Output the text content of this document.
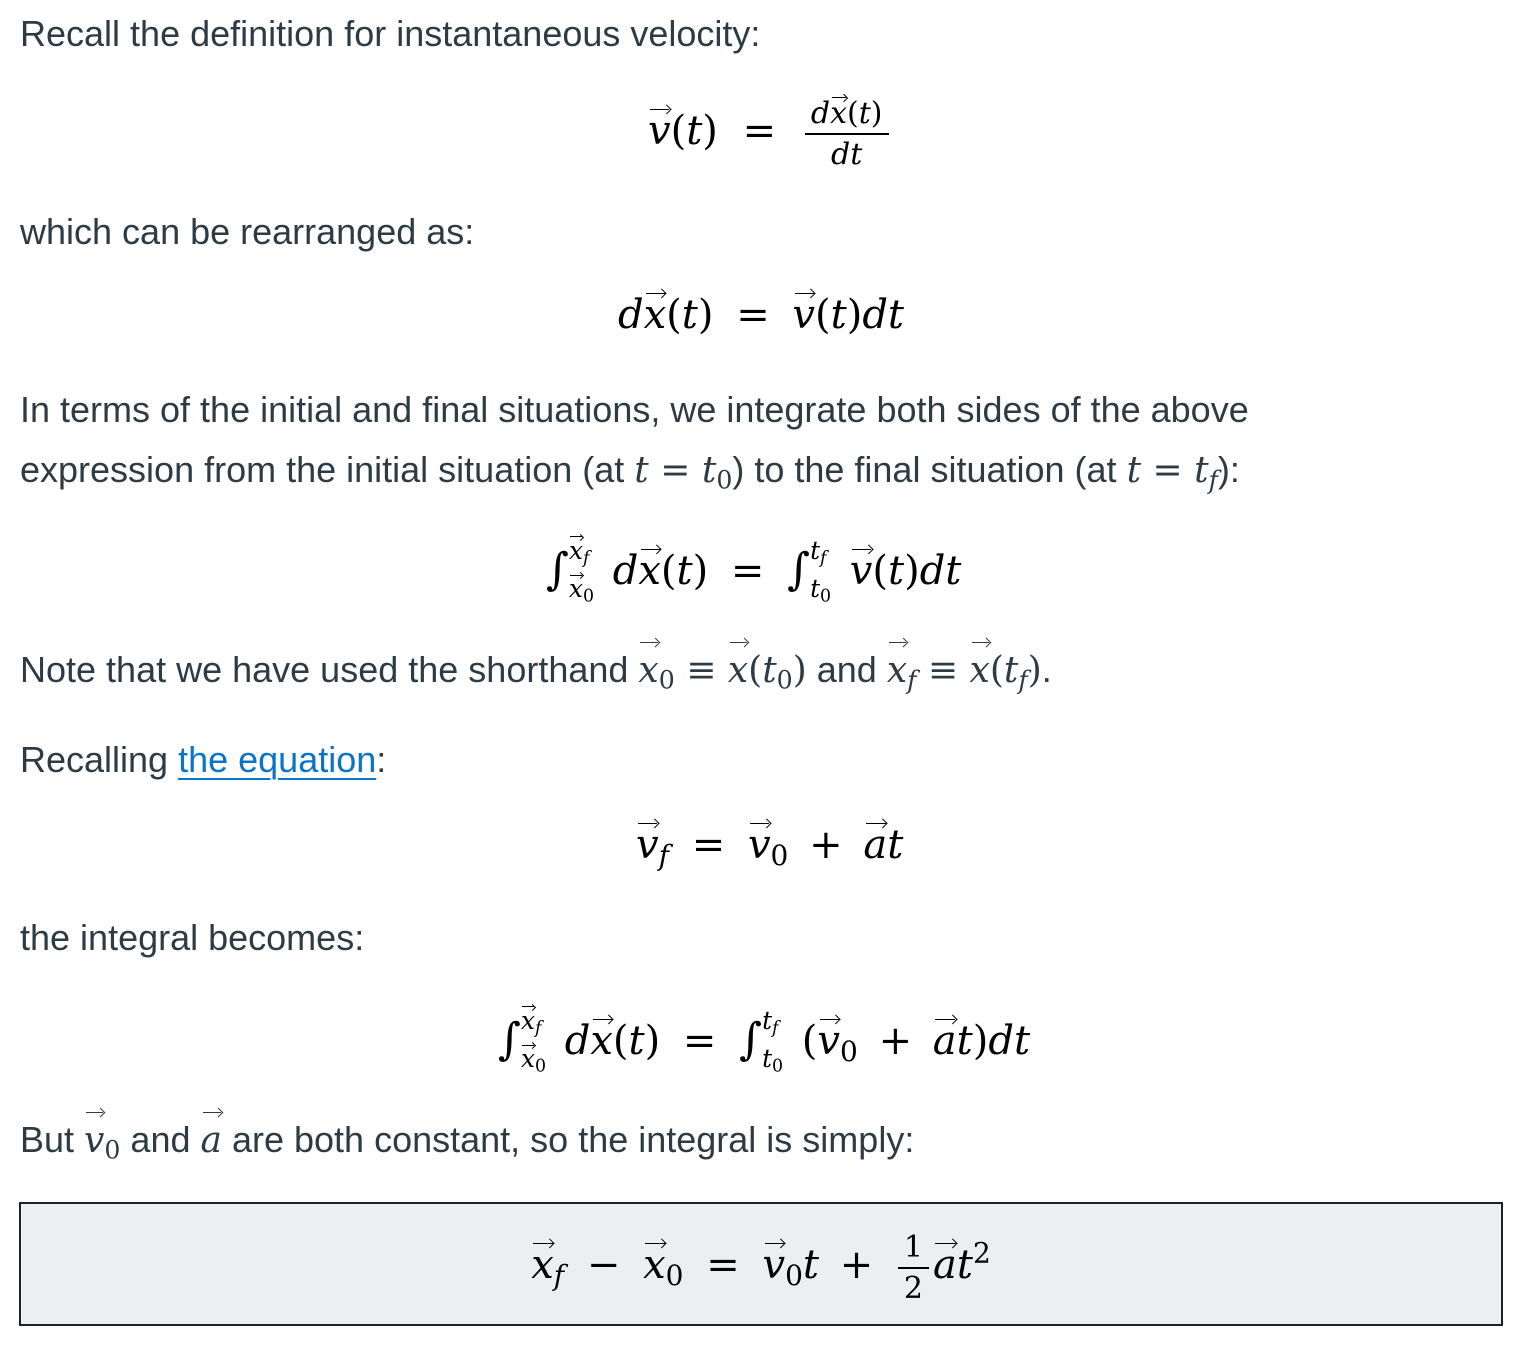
Recall the definition for instantaneous velocity:
$v(t) = \frac{dx(t)}{dt}$
which can be rearranged as:
dx(t) = v(t)dt
In terms of the initial and final situations, we integrate both sides of the above
expression from the initial situation (at $t = t_0$) to the final situation (at $t = t_f$):
∫ $x_f$
$x_0$
dx(t) = ∫ $t_f$
$t_0$
v(t)dt
Note that we have used the shorthand $x_0 \equiv x(t_0)$ and $x_f \equiv x(t_f)$.
Recalling the equation:
$v_f = v_0$ + at
the integral becomes:
∫ $x_f$
$x_0$
dx(t) = ∫ $t_f$
$t_0$
$(v_0 + at)dt$
But $v_0$ and a are both constant, so the integral is simply:
$x_f - x_0 = v_0t + \frac{1}{2} at^2$
